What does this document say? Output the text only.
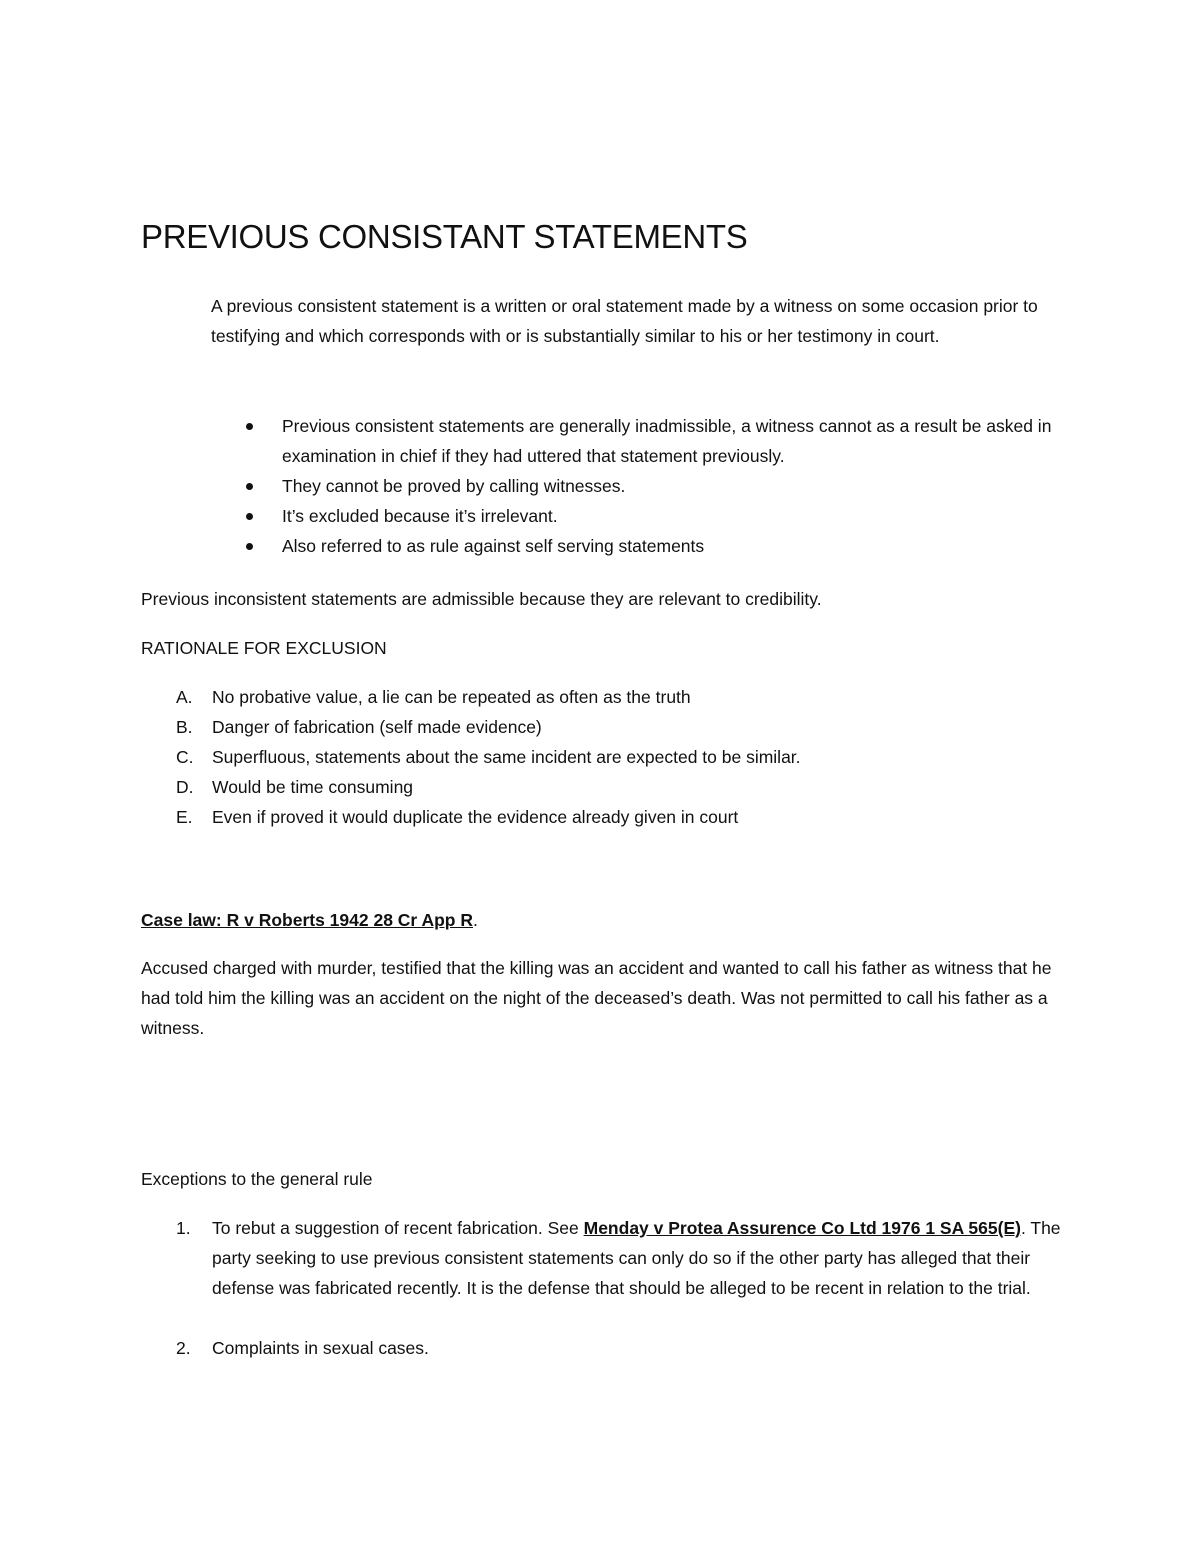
PREVIOUS CONSISTANT STATEMENTS

A previous consistent statement is a written or oral statement made by a witness on some occasion prior to testifying and which corresponds with or is substantially similar to his or her testimony in court.

Previous consistent statements are generally inadmissible, a witness cannot as a result be asked in examination in chief if they had uttered that statement previously.
They cannot be proved by calling witnesses.
It’s excluded because it’s irrelevant.
Also referred to as rule against self serving statements

Previous inconsistent statements are admissible because they are relevant to credibility.

RATIONALE FOR EXCLUSION

A. No probative value, a lie can be repeated as often as the truth
B. Danger of fabrication (self made evidence)
C. Superfluous, statements about the same incident are expected to be similar.
D. Would be time consuming
E. Even if proved it would duplicate the evidence already given in court

Case law: R v Roberts 1942 28 Cr App R.

Accused charged with murder, testified that the killing was an accident and wanted to call his father as witness that he had told him the killing was an accident on the night of the deceased’s death. Was not permitted to call his father as a witness.

Exceptions to the general rule

1. To rebut a suggestion of recent fabrication. See Menday v Protea Assurence Co Ltd 1976 1 SA 565(E). The party seeking to use previous consistent statements can only do so if the other party has alleged that their defense was fabricated recently. It is the defense that should be alleged to be recent in relation to the trial.
2. Complaints in sexual cases.
